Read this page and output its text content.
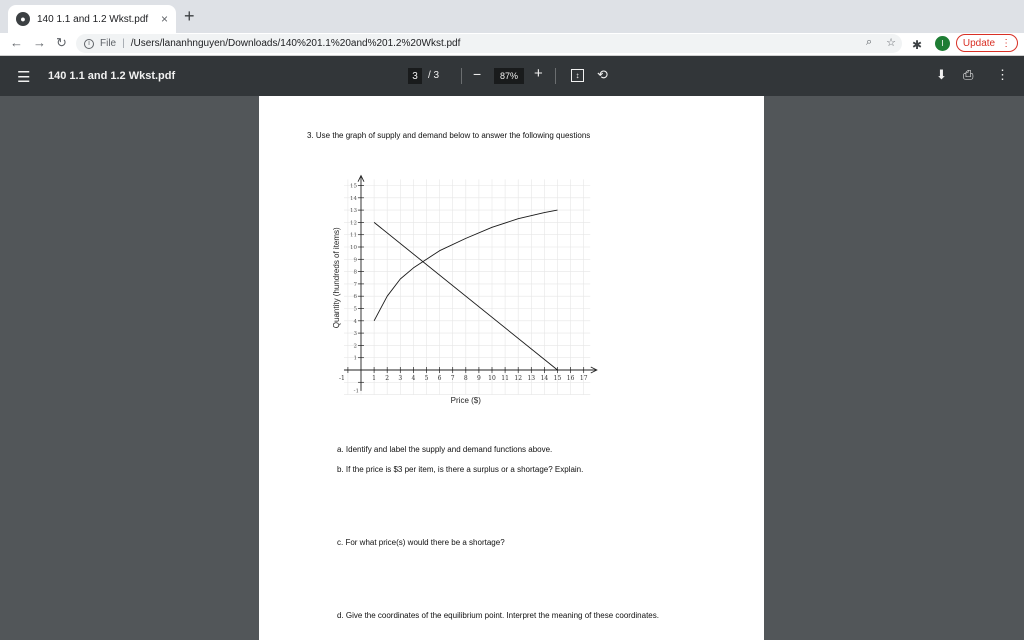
●	140 1.1 and 1.2 Wkst.pdf	× +
← → ↻	i	File | /Users/lananhnguyen/Downloads/140%201.1%20and%201.2%20Wkst.pdf	⌕ ☆ ✱	I	Update ⋮
☰ 140 1.1 and 1.2 Wkst.pdf	3	/ 3 −	87%	+	↕	⟲	⬇ ⎙ ⋮
3. Use the graph of supply and demand below to answer the following questions
-1	1 2 3 4 5 6 7 8 9 10 11 12 13 14 15 16 17
-1
1
2
3
4
5
6
7
8
9
10
11
12
13
14
15
Price ($)
Quantity (hundreds of items)
a. Identify and label the supply and demand functions above.
b. If the price is $3 per item, is there a surplus or a shortage? Explain.
c. For what price(s) would there be a shortage?
d. Give the coordinates of the equilibrium point. Interpret the meaning of these coordinates.
